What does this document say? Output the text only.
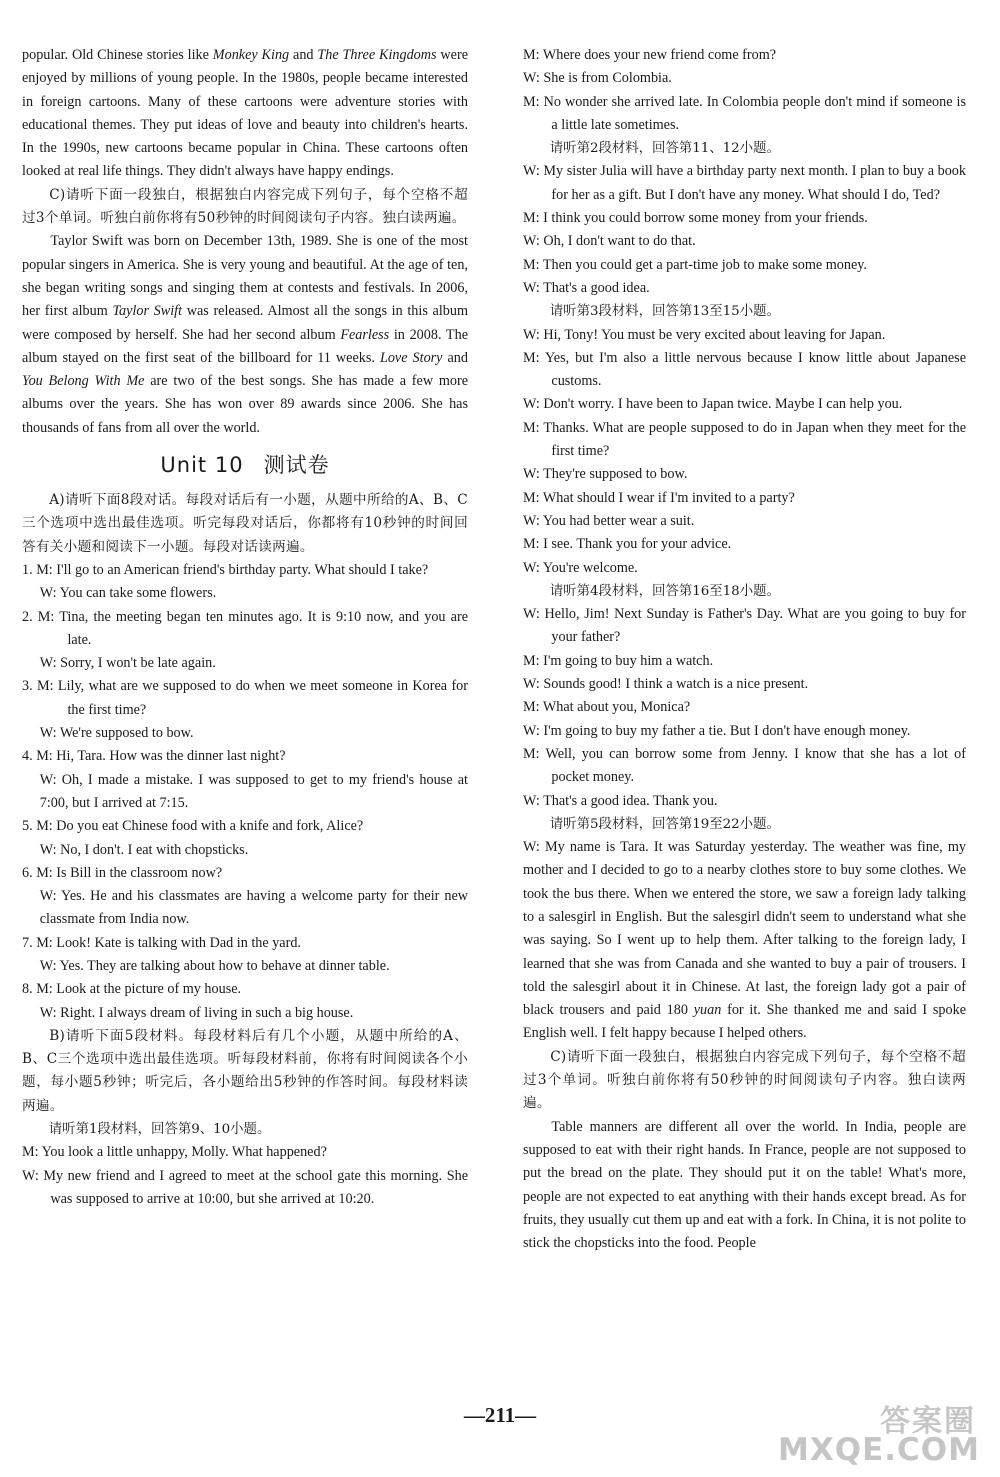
popular. Old Chinese stories like Monkey King and The Three Kingdoms were enjoyed by millions of young people. In the 1980s, people became interested in foreign cartoons. Many of these cartoons were adventure stories with educational themes. They put ideas of love and beauty into children's hearts. In the 1990s, new cartoons became popular in China. These cartoons often looked at real life things. They didn't always have happy endings.

C)请听下面一段独白，根据独白内容完成下列句子，每个空格不超过3个单词。听独白前你将有50秒钟的时间阅读句子内容。独白读两遍。

Taylor Swift was born on December 13th, 1989. She is one of the most popular singers in America. She is very young and beautiful. At the age of ten, she began writing songs and singing them at contests and festivals. In 2006, her first album Taylor Swift was released. Almost all the songs in this album were composed by herself. She had her second album Fearless in 2008. The album stayed on the first seat of the billboard for 11 weeks. Love Story and You Belong With Me are two of the best songs. She has made a few more albums over the years. She has won over 89 awards since 2006. She has thousands of fans from all over the world.

Unit 10 测试卷

A)请听下面8段对话。每段对话后有一小题，从题中所给的A、B、C三个选项中选出最佳选项。听完每段对话后，你都将有10秒钟的时间回答有关小题和阅读下一小题。每段对话读两遍。

1. M: I'll go to an American friend's birthday party. What should I take?

W: You can take some flowers.

2. M: Tina, the meeting began ten minutes ago. It is 9:10 now, and you are late.

W: Sorry, I won't be late again.

3. M: Lily, what are we supposed to do when we meet someone in Korea for the first time?

W: We're supposed to bow.

4. M: Hi, Tara. How was the dinner last night?

W: Oh, I made a mistake. I was supposed to get to my friend's house at 7:00, but I arrived at 7:15.

5. M: Do you eat Chinese food with a knife and fork, Alice?

W: No, I don't. I eat with chopsticks.

6. M: Is Bill in the classroom now?

W: Yes. He and his classmates are having a welcome party for their new classmate from India now.

7. M: Look! Kate is talking with Dad in the yard.

W: Yes. They are talking about how to behave at dinner table.

8. M: Look at the picture of my house.

W: Right. I always dream of living in such a big house.

B)请听下面5段材料。每段材料后有几个小题，从题中所给的A、B、C三个选项中选出最佳选项。听每段材料前，你将有时间阅读各个小题，每小题5秒钟；听完后，各小题给出5秒钟的作答时间。每段材料读两遍。

请听第1段材料，回答第9、10小题。

M: You look a little unhappy, Molly. What happened?

W: My new friend and I agreed to meet at the school gate this morning. She was supposed to arrive at 10:00, but she arrived at 10:20.

M: Where does your new friend come from?

W: She is from Colombia.

M: No wonder she arrived late. In Colombia people don't mind if someone is a little late sometimes.

请听第2段材料，回答第11、12小题。

W: My sister Julia will have a birthday party next month. I plan to buy a book for her as a gift. But I don't have any money. What should I do, Ted?

M: I think you could borrow some money from your friends.

W: Oh, I don't want to do that.

M: Then you could get a part-time job to make some money.

W: That's a good idea.

请听第3段材料，回答第13至15小题。

W: Hi, Tony! You must be very excited about leaving for Japan.

M: Yes, but I'm also a little nervous because I know little about Japanese customs.

W: Don't worry. I have been to Japan twice. Maybe I can help you.

M: Thanks. What are people supposed to do in Japan when they meet for the first time?

W: They're supposed to bow.

M: What should I wear if I'm invited to a party?

W: You had better wear a suit.

M: I see. Thank you for your advice.

W: You're welcome.

请听第4段材料，回答第16至18小题。

W: Hello, Jim! Next Sunday is Father's Day. What are you going to buy for your father?

M: I'm going to buy him a watch.

W: Sounds good! I think a watch is a nice present.

M: What about you, Monica?

W: I'm going to buy my father a tie. But I don't have enough money.

M: Well, you can borrow some from Jenny. I know that she has a lot of pocket money.

W: That's a good idea. Thank you.

请听第5段材料，回答第19至22小题。

W: My name is Tara. It was Saturday yesterday. The weather was fine, my mother and I decided to go to a nearby clothes store to buy some clothes. We took the bus there. When we entered the store, we saw a foreign lady talking to a salesgirl in English. But the salesgirl didn't seem to understand what she was saying. So I went up to help them. After talking to the foreign lady, I learned that she was from Canada and she wanted to buy a pair of trousers. I told the salesgirl about it in Chinese. At last, the foreign lady got a pair of black trousers and paid 180 yuan for it. She thanked me and said I spoke English well. I felt happy because I helped others.

C)请听下面一段独白，根据独白内容完成下列句子，每个空格不超过3个单词。听独白前你将有50秒钟的时间阅读句子内容。独白读两遍。

Table manners are different all over the world. In India, people are supposed to eat with their right hands. In France, people are not supposed to put the bread on the plate. They should put it on the table! What's more, people are not expected to eat anything with their hands except bread. As for fruits, they usually cut them up and eat with a fork. In China, it is not polite to stick the chopsticks into the food. People

—211—	答案圈
MXQE.COM
